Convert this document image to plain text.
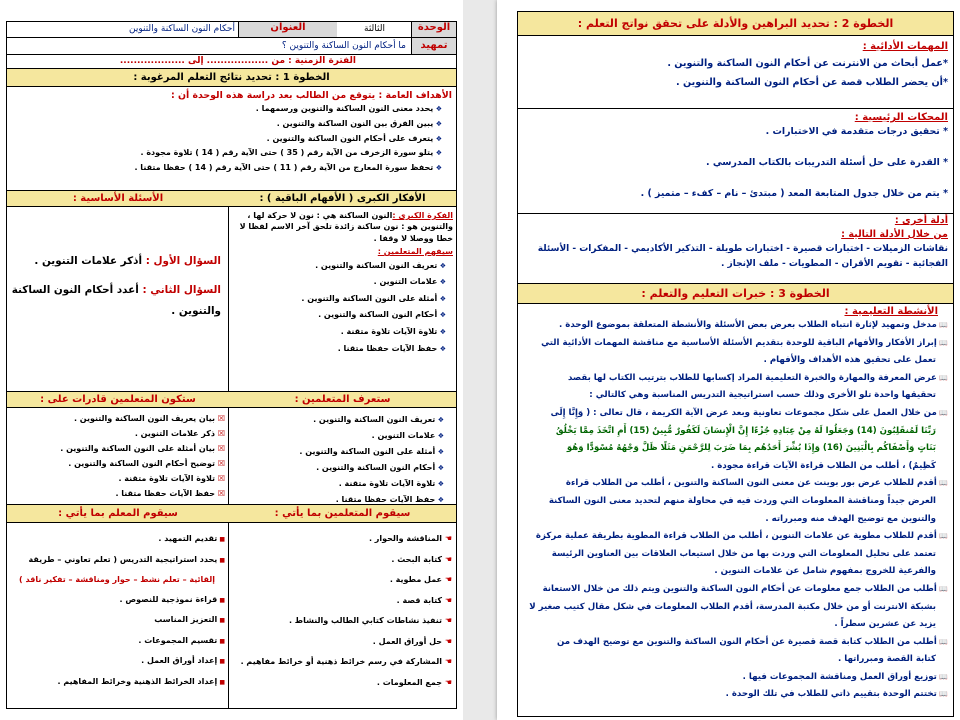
الوحدة
الثالثة
العنوان
أحكام النون الساكنة والتنوين
تمهيد
ما أحكام النون الساكنة والتنوين ؟
الفترة الزمنية : من .................. إلى ...................
الخطوة 1 : تحديد نتائج التعلم المرغوبة :
الأهداف العامة : يتوقع من الطالب بعد دراسة هذه الوحدة أن :
❖ يحدد معنى النون الساكنة والتنوين ورسمهما .
❖ يبين الفرق بين النون الساكنة والتنوين .
❖ يتعرف على أحكام النون الساكنة والتنوين .
❖ يتلو سورة الزخرف من الآية رقم ( 35 ) حتى الآية رقم ( 14 ) تلاوة مجودة .
❖ تحفظ سورة المعارج من الآية رقم ( 11 ) حتى الآية رقم ( 14 ) حفظا متقنا .
الأفكار الكبرى ( الأفهام الباقية ) :
الفكرة الكبرى :النون الساكنة هي : نون لا حركة لها ،
والتنوين هو : نون ساكنة زائدة تلحق آخر الاسم لفظا لا
خطا ووصلا لا وقفا .
سيفهم المتعلمين :
❖ تعريف النون الساكنة والتنوين .
❖ علامات التنوين .
❖ أمثلة على النون الساكنة والتنوين .
❖ أحكام النون الساكنة والتنوين .
❖ تلاوة الآيات تلاوة متقنة .
❖ حفظ الآيات حفظا متقنا .
الأسئلة الأساسية :
السؤال الأول : أذكر علامات التنوين .
السؤال الثاني : أعدد أحكام النون الساكنة والتنوين .
ستعرف المتعلمين :
❖ تعريف النون الساكنة والتنوين .
❖ علامات التنوين .
❖ أمثلة على النون الساكنة والتنوين .
❖ أحكام النون الساكنة والتنوين .
❖ تلاوة الآيات تلاوة متقنة .
❖ حفظ الآيات حفظا متقنا .
ستكون المتعلمين قادرات على :
☒ بيان يعريف النون الساكنة والتنوين .
☒ ذكر علامات التنوين .
☒ بيان أمثلة على النون الساكنة والتنوين .
☒ توضيح أحكام النون الساكنة والتنوين .
☒ تلاوة الآيات تلاوة متقنة .
☒ حفظ الآيات حفظا متقنا .
سيقوم المتعلمين بما يأتي :
☚ المناقشة والحوار .
☚ كتابة البحث .
☚ عمل مطوية .
☚ كتابة قصة .
☚ تنفيذ نشاطات كتابي الطالب والنشاط .
☚ حل أوراق العمل .
☚ المشاركة في رسم خرائط ذهنية أو خرائط مفاهيم .
☚ جمع المعلومات .
سيقوم المعلم بما يأتي :
■ تقديم التمهيد .
■ يحدد استراتيجية التدريس ( تعلم تعاوني – طريقة
إلقائية – تعلم نشط – حوار ومناقشة – تفكير ناقد )
■ قراءة نموذجية للنصوص .
■ التعزيز المناسب
■ تقسيم المجموعات .
■ إعداد أوراق العمل .
■ إعداد الخرائط الذهنية وخرائط المفاهيم .
الخطوة 2 : تحديد البراهين والأدلة على تحقق نواتج التعلم :
المهمات الأدائية :
*عمل أبحاث من الانترنت عن أحكام النون الساكنة والتنوين .
*أن يحضر الطلاب قصة عن أحكام النون الساكنة والتنوين .
المحكات الرئيسية :
* تحقيق درجات متقدمة في الاختبارات .
* القدرة على حل أسئلة التدريبات بالكتاب المدرسي .
* يتم من خلال جدول المتابعة المعد ( مبتدئ – نام – كفء – متميز ) .
أدلة أخرى :
من خلال الأدلة التالية :
نقاشات الزميلات - اختبارات قصيرة - اختبارات طويلة - التذكير الأكاديمي - المفكرات - الأسئلة
الفجائية - تقويم الأقران - المطويات - ملف الإنجاز .
الخطوة 3 : خبرات التعليم والتعلم :
الأنشطة التعليمية :
📖 مدخل وتمهيد لإثارة انتباه الطلاب بعرض بعض الأسئلة والأنشطة المتعلقة بموضوع الوحدة .
📖 إبراز الأفكار والأفهام الباقية للوحدة بتقديم الأسئلة الأساسية مع مناقشة المهمات الأدائية التي
تعمل على تحقيق هذه الأهداف والأفهام .
📖 عرض المعرفة والمهارة والخبرة التعليمية المراد إكسابها للطلاب بترتيب الكتاب لها بقصد
تحقيقها واحدة تلو الأخرى وذلك حسب استراتيجية التدريس المناسبة وهي كالتالي :
📖 من خلال العمل على شكل مجموعات تعاونية وبعد عرض الآية الكريمة ، قال تعالى : ( وَإِنَّا إِلَى
رَبِّنَا لَمُنقَلِبُونَ (14) وَجَعَلُوا لَهُ مِنْ عِبَادِهِ جُزْءًا إِنَّ الْإِنسَانَ لَكَفُورٌ مُّبِينٌ (15) أَمِ اتَّخَذَ مِمَّا يَخْلُقُ
بَنَاتٍ وَأَصْفَاكُم بِالْبَنِينَ (16) وَإِذَا بُشِّرَ أَحَدُهُم بِمَا ضَرَبَ لِلرَّحْمَنِ مَثَلًا ظَلَّ وَجْهُهُ مُسْوَدًّا وَهُوَ
كَظِيمٌ) ، أطلب من الطلاب قراءة الآيات قراءة مجودة .
📖 أقدم للطلاب عرض بور بوينت عن معنى النون الساكنة والتنوين ، أطلب من الطلاب قراءة
العرض جيداً ومناقشة المعلومات التي وردت فيه في محاولة منهم لتحديد معنى النون الساكنة
والتنوين مع توضيح الهدف منه ومبرراته .
📖 أقدم للطلاب مطوية عن علامات التنوين ، أطلب من الطلاب قراءة المطوية بطريقة عملية مركزة
تعتمد على تحليل المعلومات التي وردت بها من خلال استيعاب العلاقات بين العناوين الرئيسة
والفرعية للخروج بمفهوم شامل عن علامات التنوين .
📖 أطلب من الطلاب جمع معلومات عن أحكام النون الساكنة والتنوين ويتم ذلك من خلال الاستعانة
بشبكة الانترنت أو من خلال مكتبة المدرسة، أقدم الطلاب المعلومات في شكل مقال كتيب صغير لا
يزيد عن عشرين سطراً .
📖 أطلب من الطلاب كتابة قصة قصيرة عن أحكام النون الساكنة والتنوين مع توضيح الهدف من
كتابة القصة ومبرراتها .
📖 توزيع أوراق العمل ومناقشة المجموعات فيها .
📖 تختتم الوحدة بتقييم ذاتي للطلاب في تلك الوحدة .
